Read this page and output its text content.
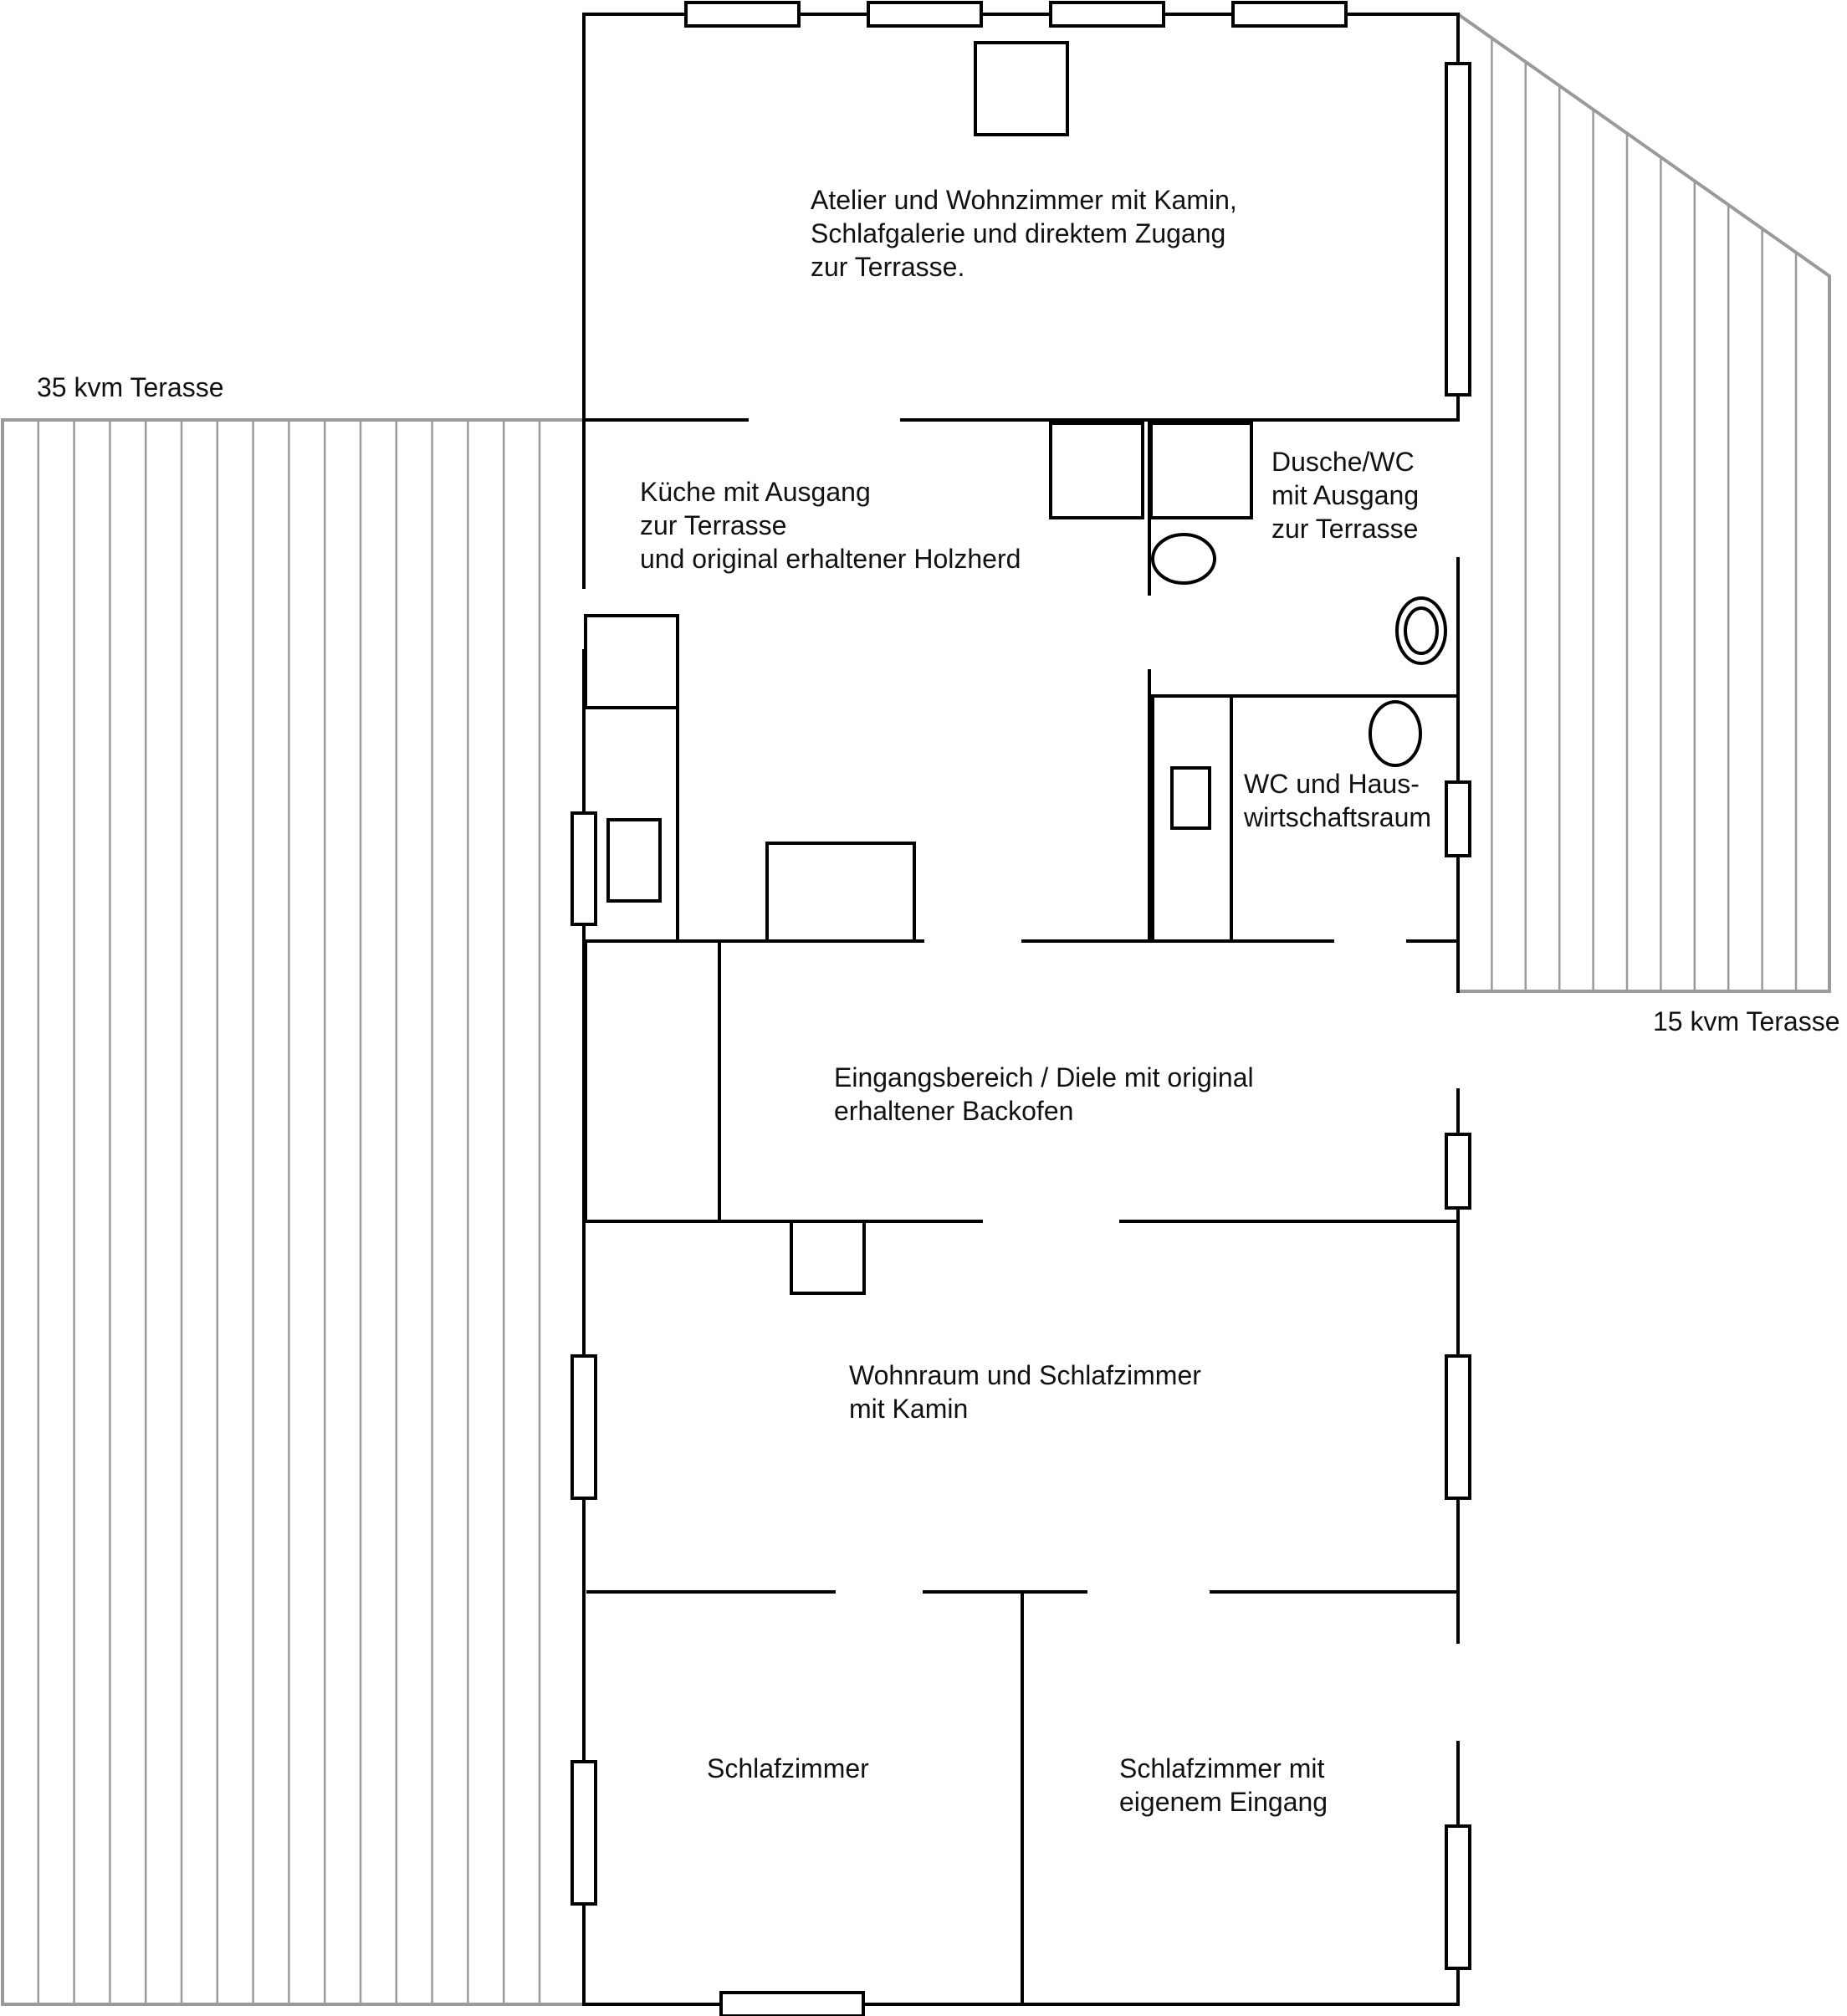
Atelier und Wohnzimmer mit Kamin,
Schlafgalerie und direktem Zugang
zur Terrasse.

Küche mit Ausgang
zur Terrasse
und original erhaltener Holzherd

Dusche/WC
mit Ausgang
zur Terrasse

WC und Haus-
wirtschaftsraum

Eingangsbereich / Diele mit original
erhaltener Backofen

Wohnraum und Schlafzimmer
mit Kamin

Schlafzimmer	Schlafzimmer mit
eigenem Eingang

35 kvm Terasse

15 kvm Terasse
